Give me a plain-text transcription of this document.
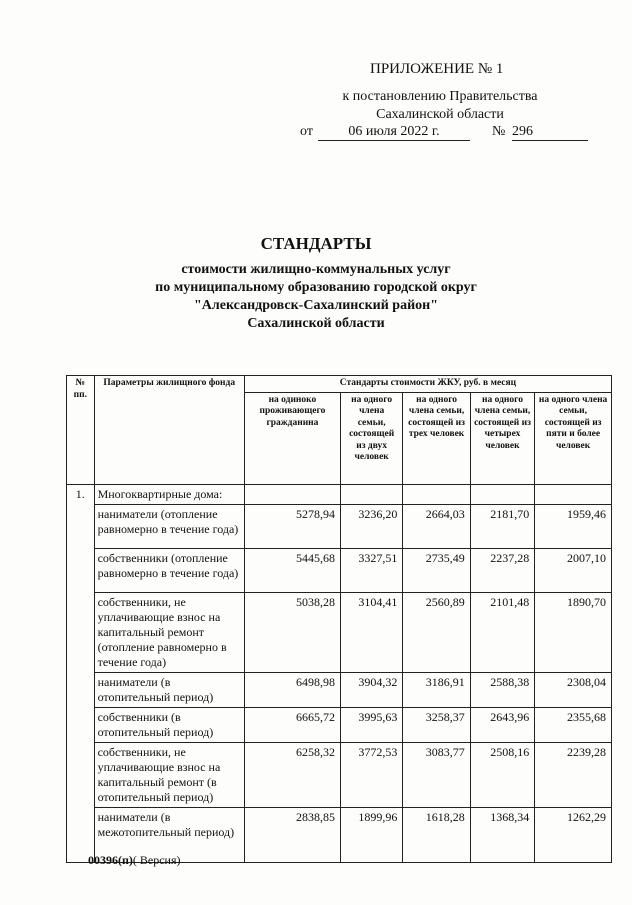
ПРИЛОЖЕНИЕ № 1
к постановлению Правительства
Сахалинской области
от	06 июля 2022 г.	№ 296
СТАНДАРТЫ
стоимости жилищно-коммунальных услуг
по муниципальному образованию городской округ
"Александровск-Сахалинский район"
Сахалинской области
№ пп.	Параметры жилищного фонда	Стандарты стоимости ЖКУ, руб. в месяц				
		на одиноко проживающего гражданина	на одного члена семьи, состоящей из двух человек	на одного члена семьи, состоящей из трех человек	на одного члена семьи, состоящей из четырех человек	на одного члена семьи, состоящей из пяти и более человек
1.	Многоквартирные дома:					
	наниматели (отопление равномерно в течение года)	5278,94	3236,20	2664,03	2181,70	1959,46
	собственники (отопление равномерно в течение года)	5445,68	3327,51	2735,49	2237,28	2007,10
	собственники, не уплачивающие взнос на капитальный ремонт (отопление равномерно в течение года)	5038,28	3104,41	2560,89	2101,48	1890,70
	наниматели (в отопительный период)	6498,98	3904,32	3186,91	2588,38	2308,04
	собственники (в отопительный период)	6665,72	3995,63	3258,37	2643,96	2355,68
	собственники, не уплачивающие взнос на капитальный ремонт (в отопительный период)	6258,32	3772,53	3083,77	2508,16	2239,28
	наниматели (в межотопительный период)	2838,85	1899,96	1618,28	1368,34	1262,29
00396(п)( Версия)
